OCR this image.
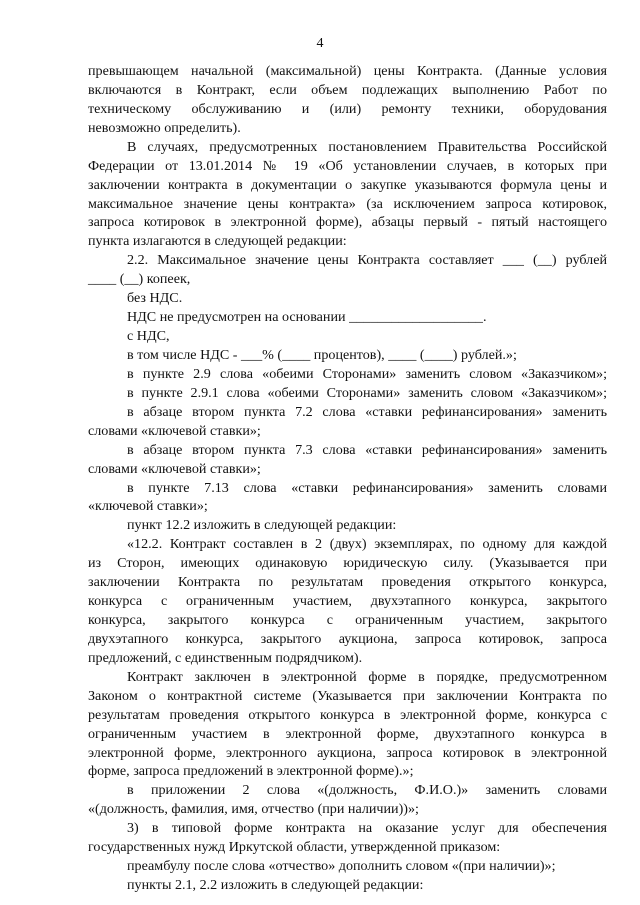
4
превышающем начальной (максимальной) цены Контракта. (Данные условия
включаются в Контракт, если объем подлежащих выполнению Работ по
техническому обслуживанию и (или) ремонту техники, оборудования
невозможно определить).
В случаях, предусмотренных постановлением Правительства Российской
Федерации от 13.01.2014 № 19 «Об установлении случаев, в которых при
заключении контракта в документации о закупке указываются формула цены и
максимальное значение цены контракта» (за исключением запроса котировок,
запроса котировок в электронной форме), абзацы первый - пятый настоящего
пункта излагаются в следующей редакции:
2.2. Максимальное значение цены Контракта составляет ___ (__) рублей
____ (__) копеек,
без НДС.
НДС не предусмотрен на основании ___________________.
с НДС,
в том числе НДС - ___% (____ процентов), ____ (____) рублей.»;
в пункте 2.9 слова «обеими Сторонами» заменить словом «Заказчиком»;
в пункте 2.9.1 слова «обеими Сторонами» заменить словом «Заказчиком»;
в абзаце втором пункта 7.2 слова «ставки рефинансирования» заменить
словами «ключевой ставки»;
в абзаце втором пункта 7.3 слова «ставки рефинансирования» заменить
словами «ключевой ставки»;
в пункте 7.13 слова «ставки рефинансирования» заменить словами
«ключевой ставки»;
пункт 12.2 изложить в следующей редакции:
«12.2. Контракт составлен в 2 (двух) экземплярах, по одному для каждой
из Сторон, имеющих одинаковую юридическую силу. (Указывается при
заключении Контракта по результатам проведения открытого конкурса,
конкурса с ограниченным участием, двухэтапного конкурса, закрытого
конкурса, закрытого конкурса с ограниченным участием, закрытого
двухэтапного конкурса, закрытого аукциона, запроса котировок, запроса
предложений, с единственным подрядчиком).
Контракт заключен в электронной форме в порядке, предусмотренном
Законом о контрактной системе (Указывается при заключении Контракта по
результатам проведения открытого конкурса в электронной форме, конкурса с
ограниченным участием в электронной форме, двухэтапного конкурса в
электронной форме, электронного аукциона, запроса котировок в электронной
форме, запроса предложений в электронной форме).»;
в приложении 2 слова «(должность, Ф.И.О.)» заменить словами
«(должность, фамилия, имя, отчество (при наличии))»;
3) в типовой форме контракта на оказание услуг для обеспечения
государственных нужд Иркутской области, утвержденной приказом:
преамбулу после слова «отчество» дополнить словом «(при наличии)»;
пункты 2.1, 2.2 изложить в следующей редакции:
